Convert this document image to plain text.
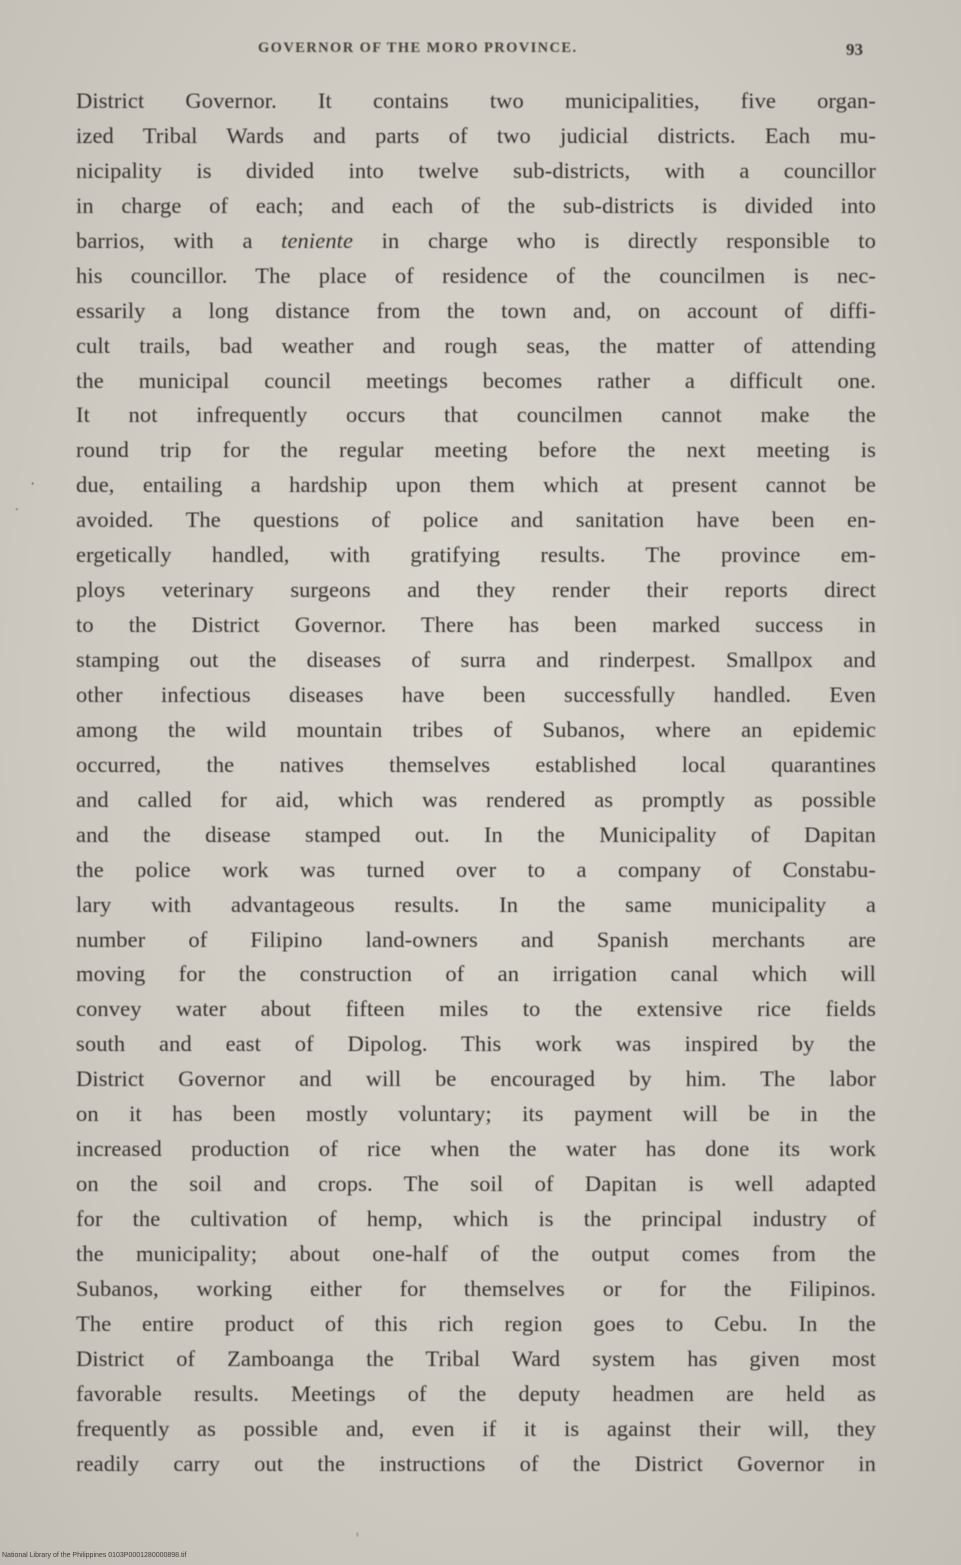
GOVERNOR OF THE MORO PROVINCE.	93
District Governor. It contains two municipalities, five organ-
ized Tribal Wards and parts of two judicial districts. Each mu-
nicipality is divided into twelve sub-districts, with a councillor
in charge of each; and each of the sub-districts is divided into
barrios, with a teniente in charge who is directly responsible to
his councillor. The place of residence of the councilmen is nec-
essarily a long distance from the town and, on account of diffi-
cult trails, bad weather and rough seas, the matter of attending
the municipal council meetings becomes rather a difficult one.
It not infrequently occurs that councilmen cannot make the
round trip for the regular meeting before the next meeting is
due, entailing a hardship upon them which at present cannot be
avoided. The questions of police and sanitation have been en-
ergetically handled, with gratifying results. The province em-
ploys veterinary surgeons and they render their reports direct
to the District Governor. There has been marked success in
stamping out the diseases of surra and rinderpest. Smallpox and
other infectious diseases have been successfully handled. Even
among the wild mountain tribes of Subanos, where an epidemic
occurred, the natives themselves established local quarantines
and called for aid, which was rendered as promptly as possible
and the disease stamped out. In the Municipality of Dapitan
the police work was turned over to a company of Constabu-
lary with advantageous results. In the same municipality a
number of Filipino land-owners and Spanish merchants are
moving for the construction of an irrigation canal which will
convey water about fifteen miles to the extensive rice fields
south and east of Dipolog. This work was inspired by the
District Governor and will be encouraged by him. The labor
on it has been mostly voluntary; its payment will be in the
increased production of rice when the water has done its work
on the soil and crops. The soil of Dapitan is well adapted
for the cultivation of hemp, which is the principal industry of
the municipality; about one-half of the output comes from the
Subanos, working either for themselves or for the Filipinos.
The entire product of this rich region goes to Cebu. In the
District of Zamboanga the Tribal Ward system has given most
favorable results. Meetings of the deputy headmen are held as
frequently as possible and, even if it is against their will, they
readily carry out the instructions of the District Governor in
·
˙
National Library of the Philippines 0103P0001280000898.tif
